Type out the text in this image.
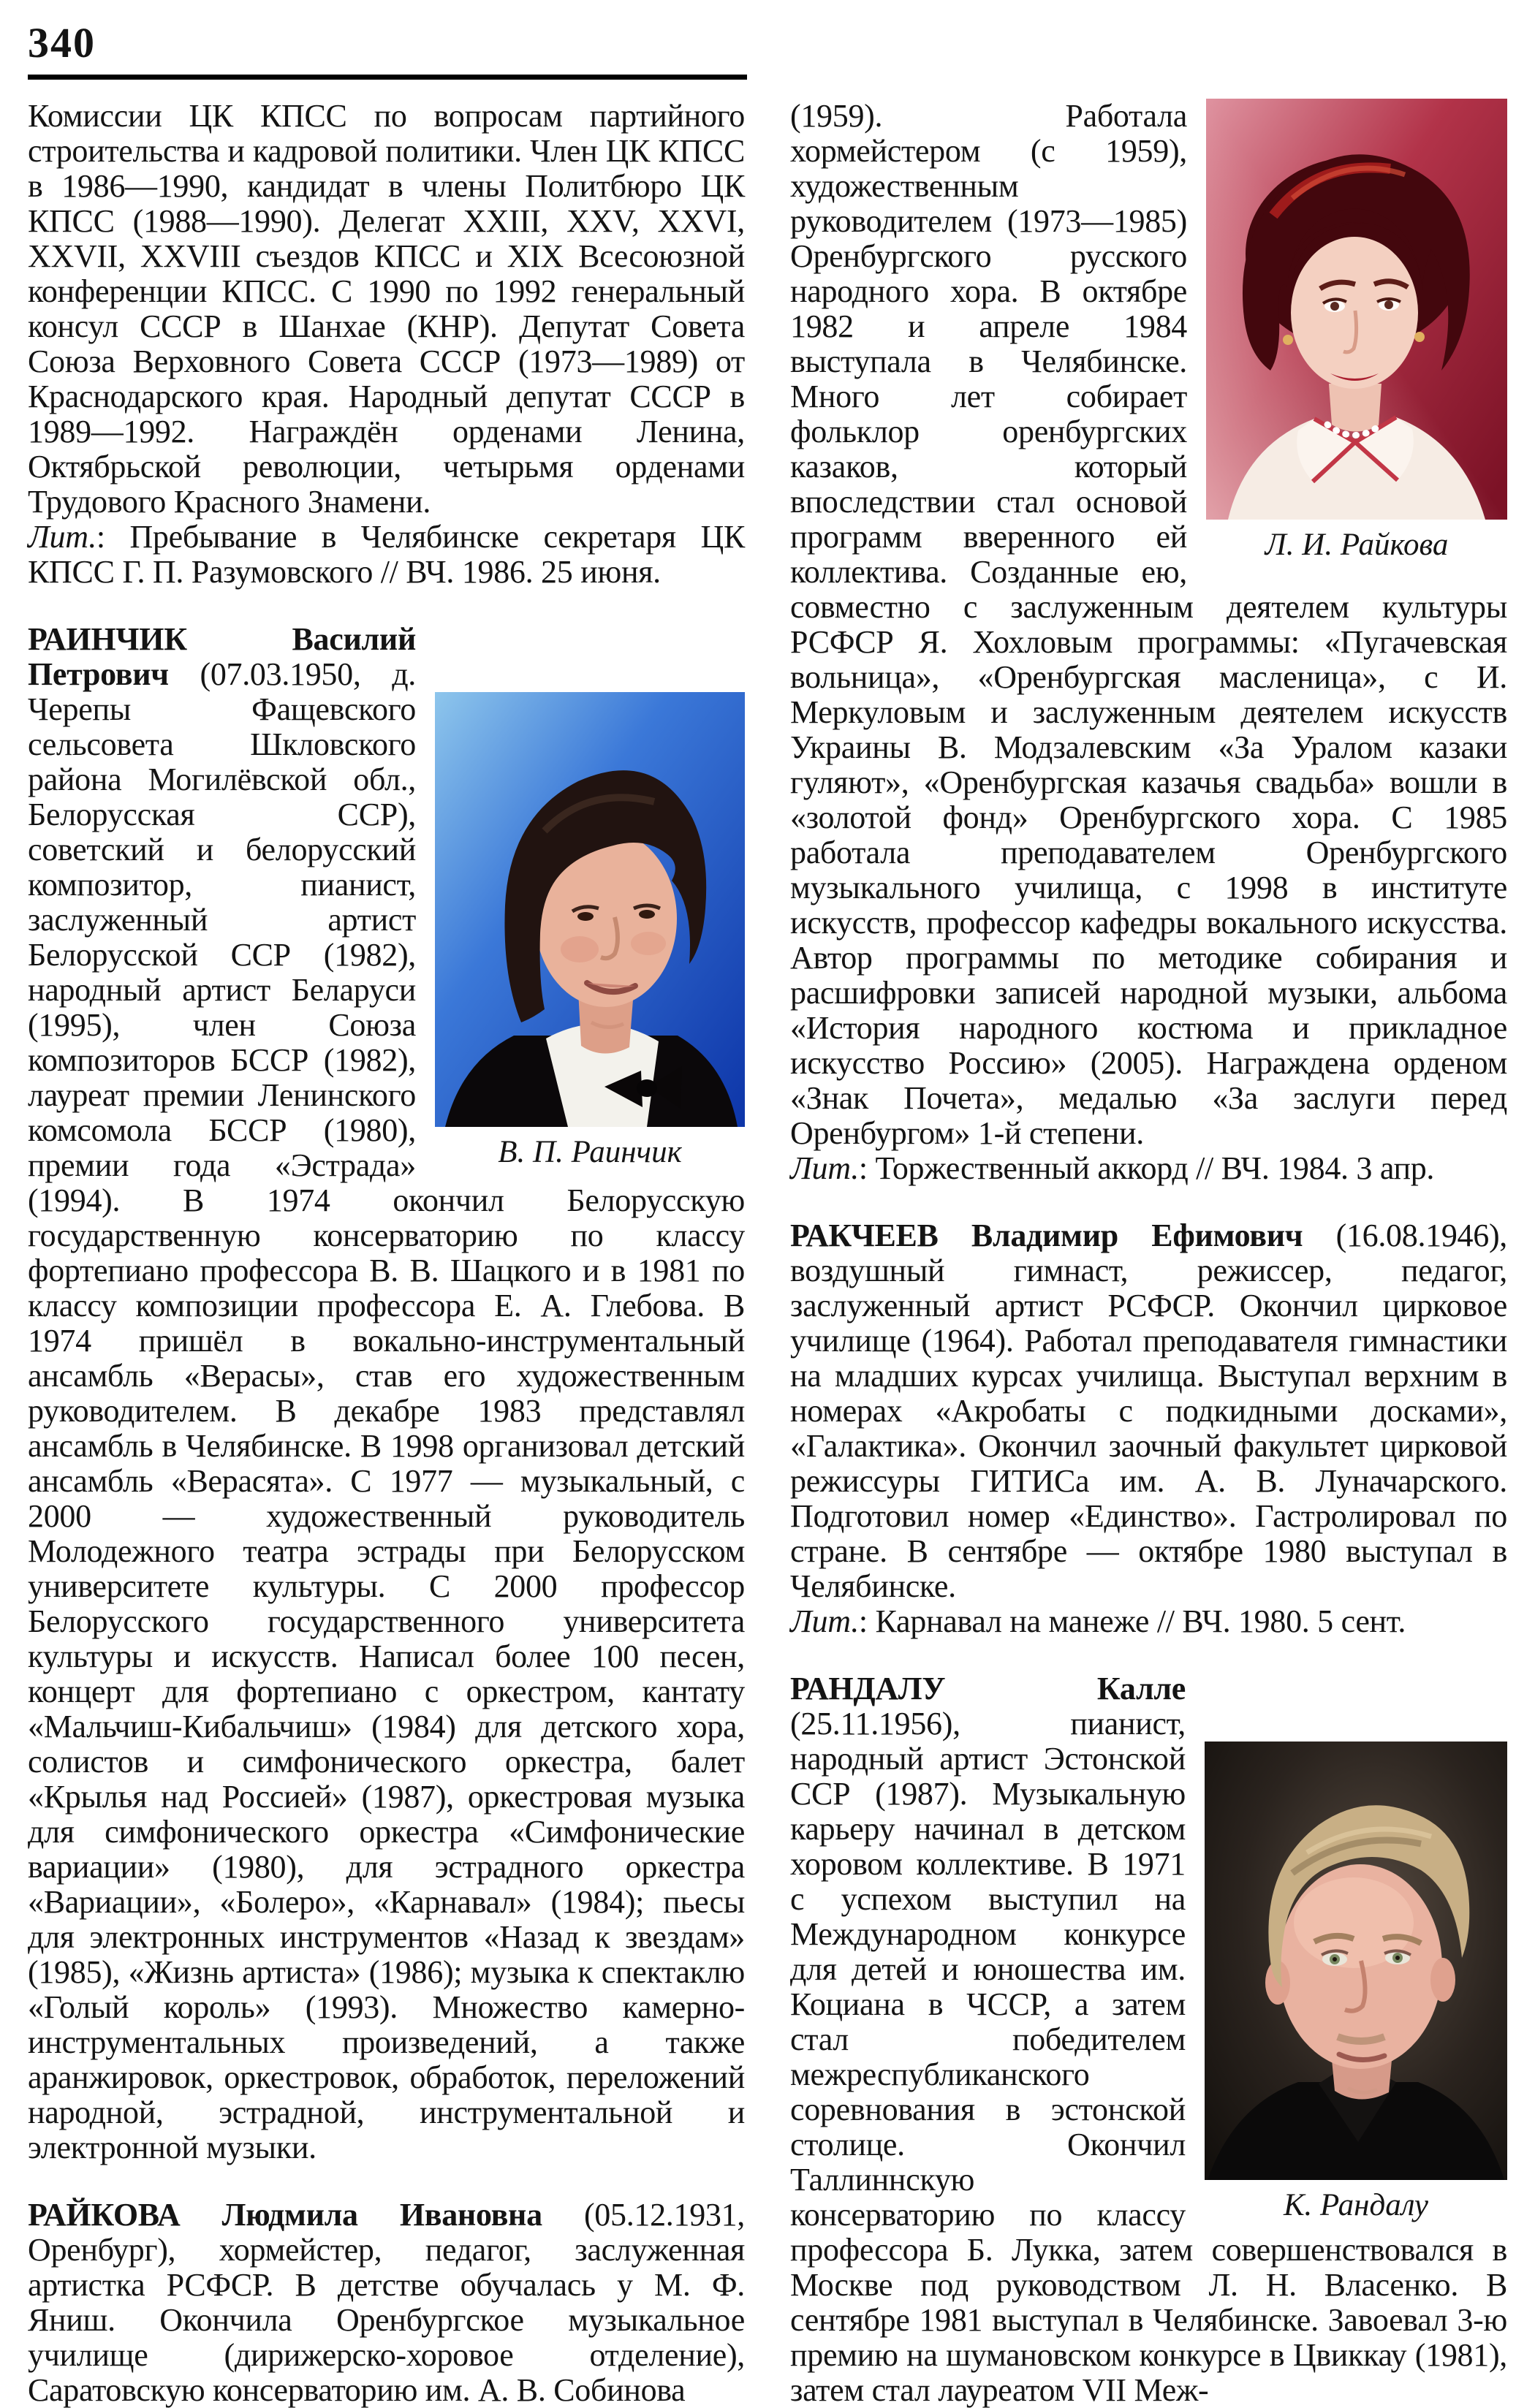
340

Комиссии ЦК КПСС по вопросам партийного строительства и кадровой политики. Член ЦК КПСС в 1986—1990, кандидат в члены Политбюро ЦК КПСС (1988—1990). Делегат XXIII, XXV, XXVI, XXVII, XXVIII съездов КПСС и XIX Всесоюзной конференции КПСС. С 1990 по 1992 генеральный консул СССР в Шанхае (КНР). Депутат Совета Союза Верховного Совета СССР (1973—1989) от Краснодарского края. Народный депутат СССР в 1989—1992. Награждён орденами Ленина, Октябрьской революции, четырьмя орденами Трудового Красного Знамени.

Лит.: Пребывание в Челябинске секретаря ЦК КПСС Г. П. Разумовского // ВЧ. 1986. 25 июня.

В. П. Раинчик
РАИНЧИК Василий Петрович (07.03.1950, д. Черепы Фащевского сельсовета Шкловского района Могилёвской обл., Белорусская ССР), советский и белорусский композитор, пианист, заслуженный артист Белорусской ССР (1982), народный артист Беларуси (1995), член Союза композиторов БССР (1982), лауреат премии Ленинского комсомола БССР (1980), премии года «Эстрада» (1994). В 1974 окончил Белорусскую государственную консерваторию по классу фортепиано профессора В. В. Шацкого и в 1981 по классу композиции профессора Е. А. Глебова. В 1974 пришёл в вокально-инструментальный ансамбль «Верасы», став его художественным руководителем. В декабре 1983 представлял ансамбль в Челябинске. В 1998 организовал детский ансамбль «Верасята». С 1977 — музыкальный, с 2000 — художественный руководитель Молодежного театра эстрады при Белорусском университете культуры. С 2000 профессор Белорусского государственного университета культуры и искусств. Написал более 100 песен, концерт для фортепиано с оркестром, кантату «Мальчиш-Кибальчиш» (1984) для детского хора, солистов и симфонического оркестра, балет «Крылья над Россией» (1987), оркестровая музыка для симфонического оркестра «Симфонические вариации» (1980), для эстрадного оркестра «Вариации», «Болеро», «Карнавал» (1984); пьесы для электронных инструментов «Назад к звездам» (1985), «Жизнь артиста» (1986); музыка к спектаклю «Голый король» (1993). Множество камерно-инструментальных произведений, а также аранжировок, оркестровок, обработок, переложений народной, эстрадной, инструментальной и электронной музыки.

РАЙКОВА Людмила Ивановна (05.12.1931, Оренбург), хормейстер, педагог, заслуженная артистка РСФСР. В детстве обучалась у М. Ф. Яниш. Окончила Оренбургское музыкальное училище (дирижерско-хоровое отделение), Саратовскую консерваторию им. А. В. Собинова

Л. И. Райкова
(1959). Работала хормейстером (с 1959), художественным руководителем (1973—1985) Оренбургского русского народного хора. В октябре 1982 и апреле 1984 выступала в Челябинске. Много лет собирает фольклор оренбургских казаков, который впоследствии стал основой программ вверенного ей коллектива. Созданные ею, совместно с заслуженным деятелем культуры РСФСР Я. Хохловым программы: «Пугачевская вольница», «Оренбургская масленица», с И. Меркуловым и заслуженным деятелем искусств Украины В. Модзалевским «За Уралом казаки гуляют», «Оренбургская казачья свадьба» вошли в «золотой фонд» Оренбургского хора. С 1985 работала преподавателем Оренбургского музыкального училища, с 1998 в институте искусств, профессор кафедры вокального искусства. Автор программы по методике собирания и расшифровки записей народной музыки, альбома «История народного костюма и прикладное искусство Россию» (2005). Награждена орденом «Знак Почета», медалью «За заслуги перед Оренбургом» 1-й степени.

Лит.: Торжественный аккорд // ВЧ. 1984. 3 апр.

РАКЧЕЕВ Владимир Ефимович (16.08.1946), воздушный гимнаст, режиссер, педагог, заслуженный артист РСФСР. Окончил цирковое училище (1964). Работал преподавателя гимнастики на младших курсах училища. Выступал верхним в номерах «Акробаты с подкидными досками», «Галактика». Окончил заочный факультет цирковой режиссуры ГИТИСа им. А. В. Луначарского. Подготовил номер «Единство». Гастролировал по стране. В сентябре — октябре 1980 выступал в Челябинске.

Лит.: Карнавал на манеже // ВЧ. 1980. 5 сент.

К. Рандалу
РАНДАЛУ Калле (25.11.1956), пианист, народный артист Эстонской ССР (1987). Музыкальную карьеру начинал в детском хоровом коллективе. В 1971 с успехом выступил на Международном конкурсе для детей и юношества им. Коциана в ЧССР, а затем стал победителем межреспубликанского соревнования в эстонской столице. Окончил Таллиннскую консерваторию по классу профессора Б. Лукка, затем совершенствовался в Москве под руководством Л. Н. Власенко. В сентябре 1981 выступал в Челябинске. Завоевал 3-ю премию на шумановском конкурсе в Цвиккау (1981), затем стал лауреатом VII Меж-
